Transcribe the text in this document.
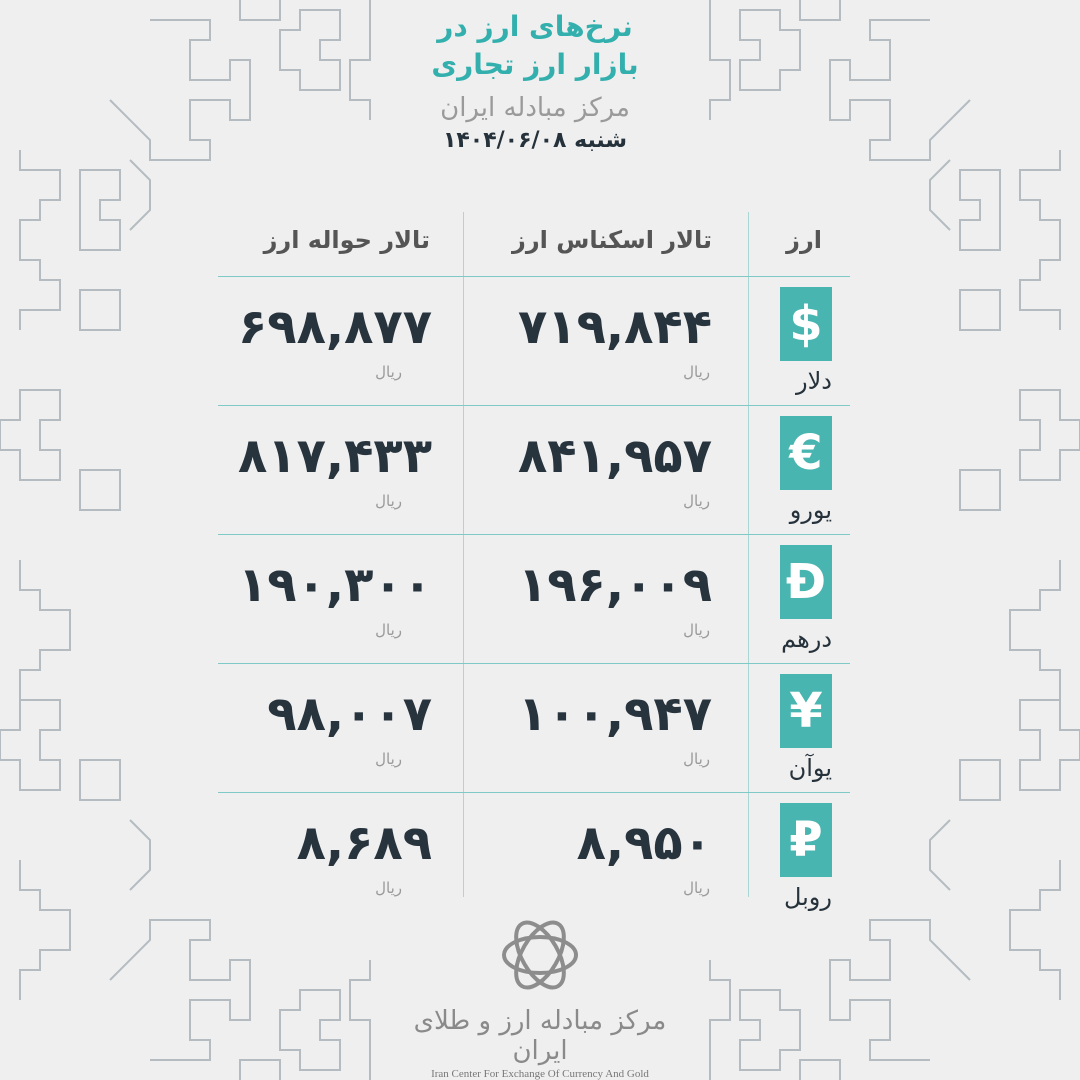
نرخ‌های ارز در
بازار ارز تجاری
مرکز مبادله ایران
شنبه ۱۴۰۴/۰۶/۰۸
تالار حواله ارز	تالار اسکناس ارز	ارز
۶۹۸,۸۷۷
ریال
۷۱۹,۸۴۴
ریال
$
دلار
۸۱۷,۴۳۳
ریال
۸۴۱,۹۵۷
ریال
€
یورو
۱۹۰,۳۰۰
ریال
۱۹۶,۰۰۹
ریال
Đ
درهم
۹۸,۰۰۷
ریال
۱۰۰,۹۴۷
ریال
¥
یوآن
۸,۶۸۹
ریال
۸,۹۵۰
ریال
₽
روبل
مرکز مبادله ارز و طلای ایران
Iran Center For Exchange Of Currency And Gold
